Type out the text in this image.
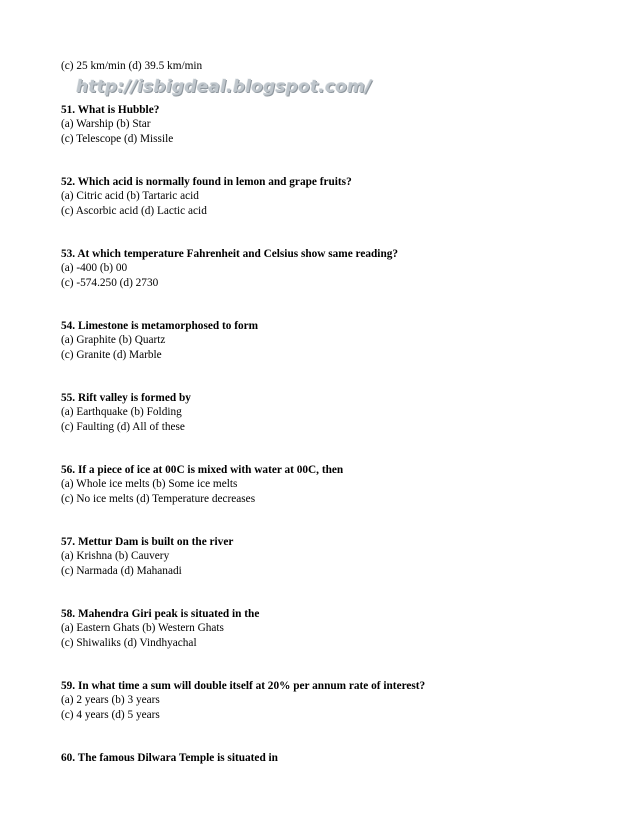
(c) 25 km/min (d) 39.5 km/min
http://isbigdeal.blogspot.com/
51. What is Hubble?
(a) Warship (b) Star
(c) Telescope (d) Missile
52. Which acid is normally found in lemon and grape fruits?
(a) Citric acid (b) Tartaric acid
(c) Ascorbic acid (d) Lactic acid
53. At which temperature Fahrenheit and Celsius show same reading?
(a) -400 (b) 00
(c) -574.250 (d) 2730
54. Limestone is metamorphosed to form
(a) Graphite (b) Quartz
(c) Granite (d) Marble
55. Rift valley is formed by
(a) Earthquake (b) Folding
(c) Faulting (d) All of these
56. If a piece of ice at 00C is mixed with water at 00C, then
(a) Whole ice melts (b) Some ice melts
(c) No ice melts (d) Temperature decreases
57. Mettur Dam is built on the river
(a) Krishna (b) Cauvery
(c) Narmada (d) Mahanadi
58. Mahendra Giri peak is situated in the
(a) Eastern Ghats (b) Western Ghats
(c) Shiwaliks (d) Vindhyachal
59. In what time a sum will double itself at 20% per annum rate of interest?
(a) 2 years (b) 3 years
(c) 4 years (d) 5 years
60. The famous Dilwara Temple is situated in
